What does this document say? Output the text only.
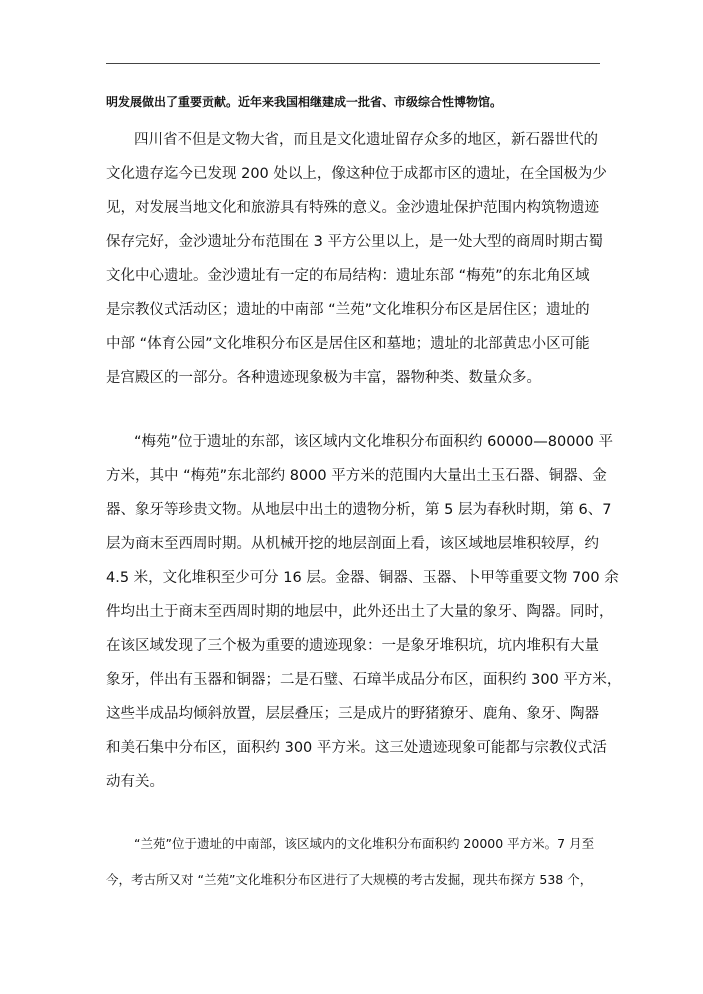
明发展做出了重要贡献。近年来我国相继建成一批省、市级综合性博物馆。
四川省不但是文物大省，而且是文化遗址留存众多的地区，新石器世代的
文化遗存迄今已发现 200 处以上，像这种位于成都市区的遗址，在全国极为少
见，对发展当地文化和旅游具有特殊的意义。金沙遗址保护范围内构筑物遗迹
保存完好，金沙遗址分布范围在 3 平方公里以上，是一处大型的商周时期古蜀
文化中心遗址。金沙遗址有一定的布局结构：遗址东部 “梅苑”的东北角区域
是宗教仪式活动区；遗址的中南部 “兰苑”文化堆积分布区是居住区；遗址的
中部 “体育公园”文化堆积分布区是居住区和墓地；遗址的北部黄忠小区可能
是宫殿区的一部分。各种遗迹现象极为丰富，器物种类、数量众多。
“梅苑”位于遗址的东部，该区域内文化堆积分布面积约 60000—80000 平
方米，其中 “梅苑”东北部约 8000 平方米的范围内大量出土玉石器、铜器、金
器、象牙等珍贵文物。从地层中出土的遗物分析，第 5 层为春秋时期，第 6、7
层为商末至西周时期。从机械开挖的地层剖面上看，该区域地层堆积较厚，约
4.5 米，文化堆积至少可分 16 层。金器、铜器、玉器、卜甲等重要文物 700 余
件均出土于商末至西周时期的地层中，此外还出土了大量的象牙、陶器。同时，
在该区域发现了三个极为重要的遗迹现象：一是象牙堆积坑，坑内堆积有大量
象牙，伴出有玉器和铜器；二是石璧、石璋半成品分布区，面积约 300 平方米，
这些半成品均倾斜放置，层层叠压；三是成片的野猪獠牙、鹿角、象牙、陶器
和美石集中分布区，面积约 300 平方米。这三处遗迹现象可能都与宗教仪式活
动有关。
“兰苑”位于遗址的中南部，该区域内的文化堆积分布面积约 20000 平方米。7 月至
今，考古所又对 “兰苑”文化堆积分布区进行了大规模的考古发掘，现共布探方 538 个，
